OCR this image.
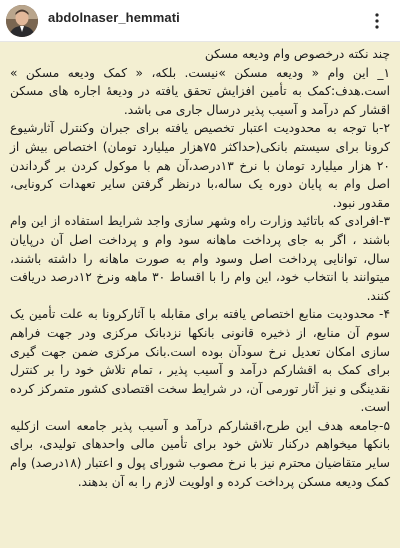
abdolnaser_hemmati

چند نکته درخصوص وام ودیعه مسکن

۱_ این وام « ودیعه مسکن »نیست. بلکه، « کمک ودیعه مسکن » است.هدف:کمک به تأمین افزایش تحقق یافته در ودیعهٔ اجاره های مسکن اقشار کم درآمد و آسیب پذیر درسال جاری می باشد.

۲-با توجه به محدودیت اعتبار تخصیص یافته برای جبران وکنترل آثارشیوع کرونا برای سیستم بانکی(حداکثر ۷۵هزار میلیارد تومان) اختصاص بیش از ۲۰ هزار میلیارد تومان با نرخ ۱۳درصد،آن هم با موکول کردن بر گرداندن اصل وام به پایان دوره یک ساله،با درنظر گرفتن سایر تعهدات کرونایی، مقدور نبود.

۳-افرادی که باتائید وزارت راه وشهر سازی واجد شرایط استفاده از این وام باشند ، اگر به جای پرداخت ماهانه سود وام و پرداخت اصل آن درپایان سال، توانایی پرداخت اصل وسود وام به صورت ماهانه را داشته باشند، میتوانند با انتخاب خود، این وام را با اقساط ۳۰ ماهه ونرخ ۱۲درصد دریافت کنند.

۴- محدودیت منابع اختصاص یافته برای مقابله با آثارکرونا به علت تأمین یک سوم آن منابع، از ذخیره قانونی بانکها نزدبانک مرکزی ودر جهت فراهم سازی امکان تعدیل نرخ سودآن بوده است.بانک مرکزی ضمن جهت گیری برای کمک به اقشارکم درآمد و آسیب پذیر ، تمام تلاش خود را بر کنترل نقدینگی و نیز آثار تورمی آن، در شرایط سخت اقتصادی کشور متمرکز کرده است.

۵-جامعه هدف این طرح،اقشارکم درآمد و آسیب پذیر جامعه است ازکلیه بانکها میخواهم درکنار تلاش خود برای تأمین مالی واحدهای تولیدی، برای سایر متقاضیان محترم نیز با نرخ مصوب شورای پول و اعتبار (۱۸درصد) وام کمک ودیعه مسکن پرداخت کرده و اولویت لازم را به آن بدهند.
